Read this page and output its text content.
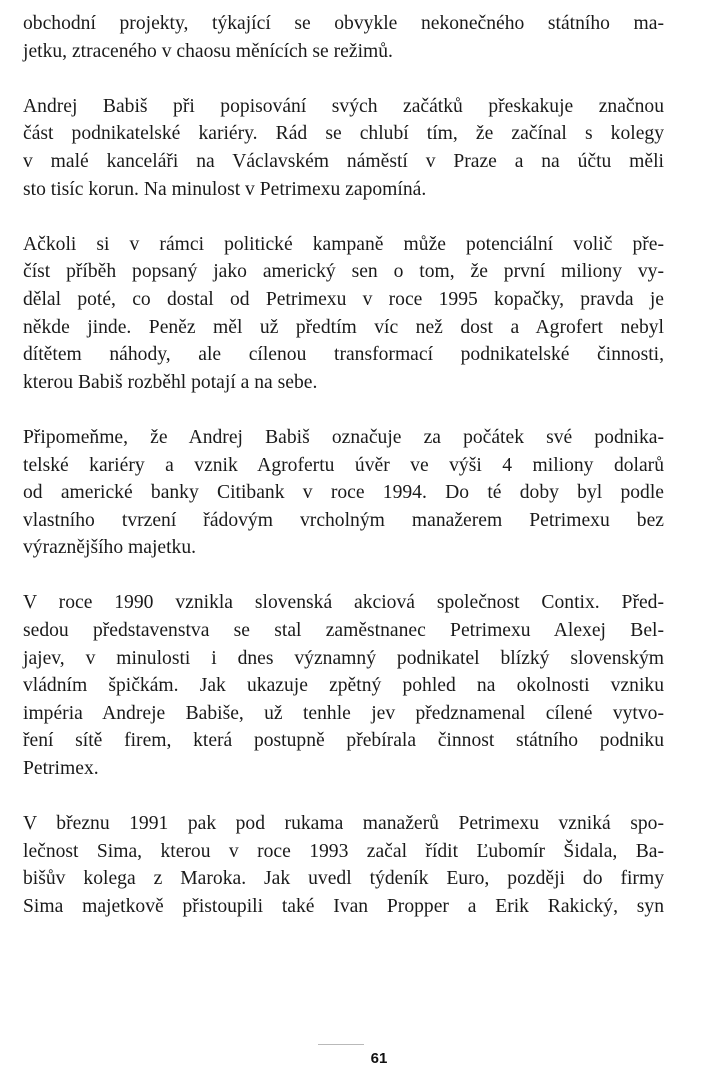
obchodní projekty, týkající se obvykle nekonečného státního ma-
jetku, ztraceného v chaosu měnících se režimů.
Andrej Babiš při popisování svých začátků přeskakuje značnou
část podnikatelské kariéry. Rád se chlubí tím, že začínal s kolegy
v malé kanceláři na Václavském náměstí v Praze a na účtu měli
sto tisíc korun. Na minulost v Petrimexu zapomíná.
Ačkoli si v rámci politické kampaně může potenciální volič pře-
číst příběh popsaný jako americký sen o tom, že první miliony vy-
dělal poté, co dostal od Petrimexu v roce 1995 kopačky, pravda je
někde jinde. Peněz měl už předtím víc než dost a Agrofert nebyl
dítětem náhody, ale cílenou transformací podnikatelské činnosti,
kterou Babiš rozběhl potají a na sebe.
Připomeňme, že Andrej Babiš označuje za počátek své podnika-
telské kariéry a vznik Agrofertu úvěr ve výši 4 miliony dolarů
od americké banky Citibank v roce 1994. Do té doby byl podle
vlastního tvrzení řádovým vrcholným manažerem Petrimexu bez
výraznějšího majetku.
V roce 1990 vznikla slovenská akciová společnost Contix. Před-
sedou představenstva se stal zaměstnanec Petrimexu Alexej Bel-
jajev, v minulosti i dnes významný podnikatel blízký slovenským
vládním špičkám. Jak ukazuje zpětný pohled na okolnosti vzniku
impéria Andreje Babiše, už tenhle jev předznamenal cílené vytvo-
ření sítě firem, která postupně přebírala činnost státního podniku
Petrimex.
V březnu 1991 pak pod rukama manažerů Petrimexu vzniká spo-
lečnost Sima, kterou v roce 1993 začal řídit Ľubomír Šidala, Ba-
bišův kolega z Maroka. Jak uvedl týdeník Euro, později do firmy
Sima majetkově přistoupili také Ivan Propper a Erik Rakický, syn
61
